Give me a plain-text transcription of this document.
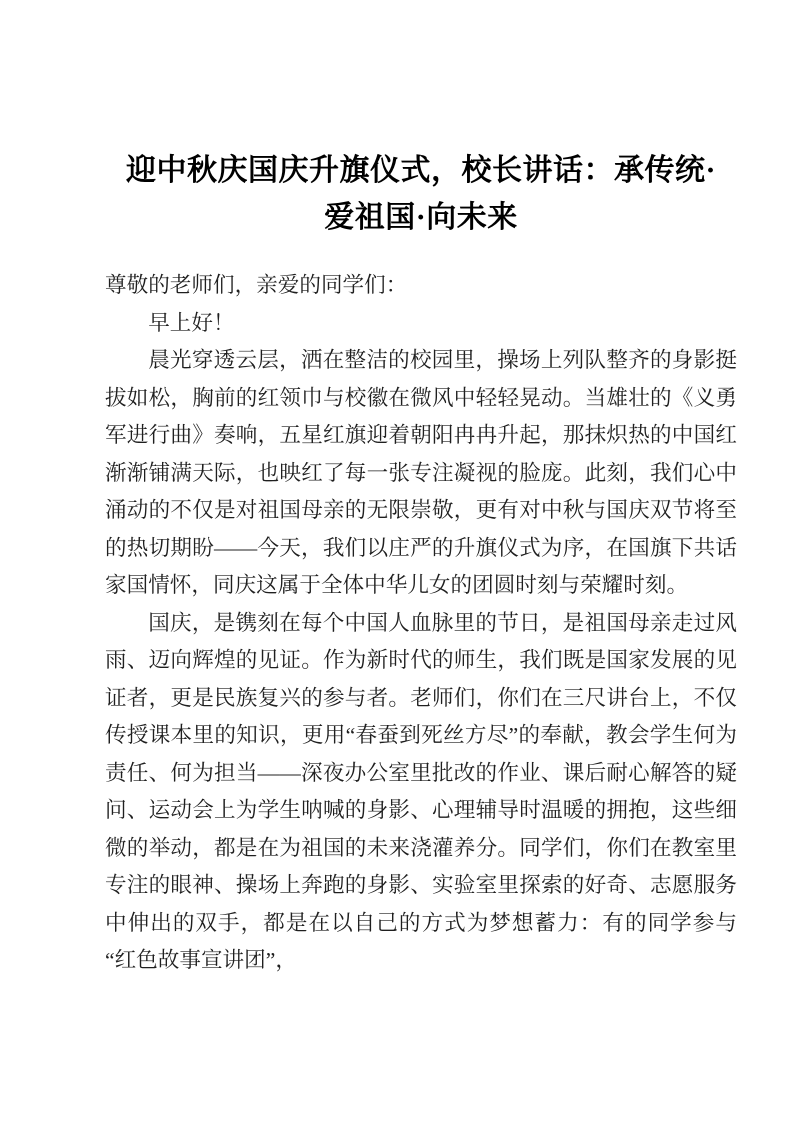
迎中秋庆国庆升旗仪式，校长讲话：承传统·
爱祖国·向未来

尊敬的老师们，亲爱的同学们：

早上好！

晨光穿透云层，洒在整洁的校园里，操场上列队整齐的身影挺拔如松，胸前的红领巾与校徽在微风中轻轻晃动。当雄壮的《义勇军进行曲》奏响，五星红旗迎着朝阳冉冉升起，那抹炽热的中国红渐渐铺满天际，也映红了每一张专注凝视的脸庞。此刻，我们心中涌动的不仅是对祖国母亲的无限崇敬，更有对中秋与国庆双节将至的热切期盼——今天，我们以庄严的升旗仪式为序，在国旗下共话家国情怀，同庆这属于全体中华儿女的团圆时刻与荣耀时刻。

国庆，是镌刻在每个中国人血脉里的节日，是祖国母亲走过风雨、迈向辉煌的见证。作为新时代的师生，我们既是国家发展的见证者，更是民族复兴的参与者。老师们，你们在三尺讲台上，不仅传授课本里的知识，更用“春蚕到死丝方尽”的奉献，教会学生何为责任、何为担当——深夜办公室里批改的作业、课后耐心解答的疑问、运动会上为学生呐喊的身影、心理辅导时温暖的拥抱，这些细微的举动，都是在为祖国的未来浇灌养分。同学们，你们在教室里专注的眼神、操场上奔跑的身影、实验室里探索的好奇、志愿服务中伸出的双手，都是在以自己的方式为梦想蓄力：有的同学参与“红色故事宣讲团”，
